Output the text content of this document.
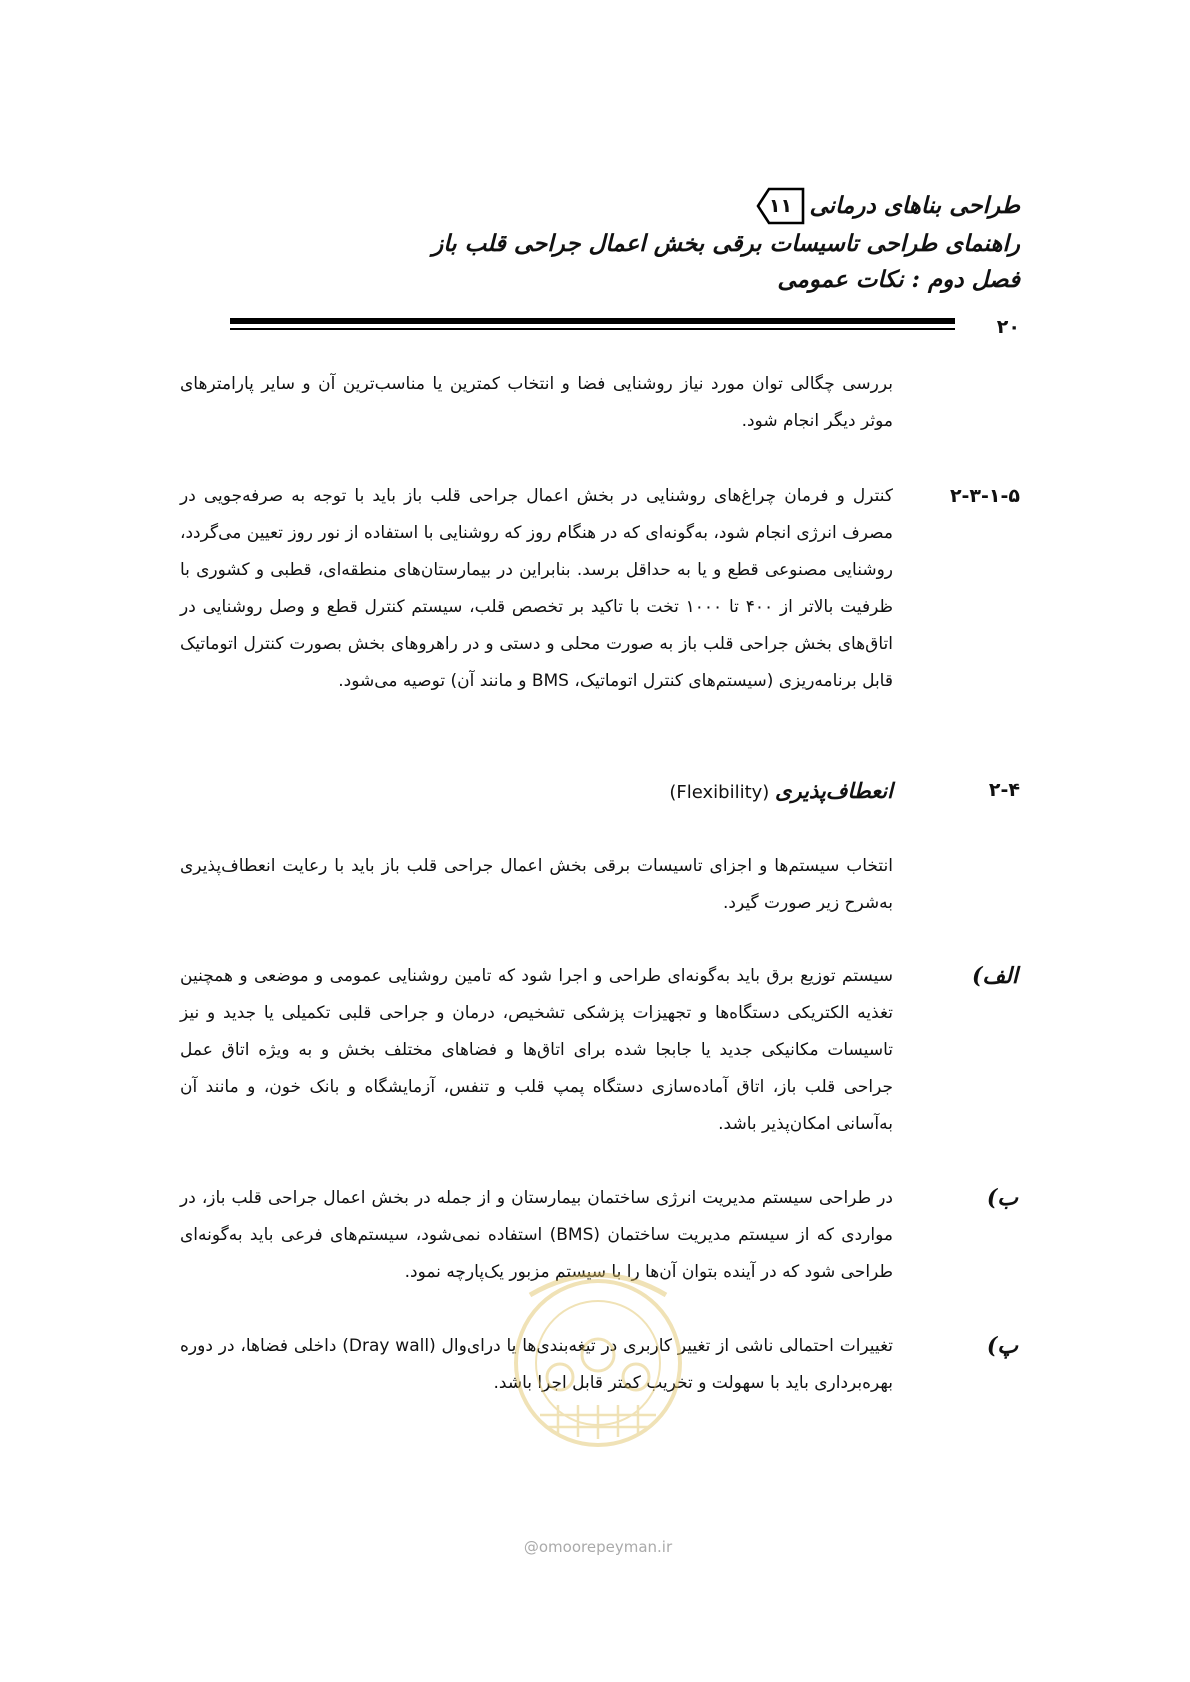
طراحی بناهای درمانی
۱۱
راهنمای طراحی تاسیسات برقی بخش اعمال جراحی قلب باز
فصل دوم : نکات عمومی
۲۰
بررسی چگالی توان مورد نیاز روشنایی فضا و انتخاب کمترین یا مناسب‌ترین آن و سایر پارامترهای موثر دیگر انجام شود.
۲-۳-۱-۵
کنترل و فرمان چراغ‌های روشنایی در بخش اعمال جراحی قلب باز باید با توجه به صرفه‌جویی در مصرف انرژی انجام شود، به‌گونه‌ای که در هنگام روز که روشنایی با استفاده از نور روز تعیین می‌گردد، روشنایی مصنوعی قطع و یا به حداقل برسد. بنابراین در بیمارستان‌های منطقه‌ای، قطبی و کشوری با ظرفیت بالاتر از ۴۰۰ تا ۱۰۰۰ تخت با تاکید بر تخصص قلب، سیستم کنترل قطع و وصل روشنایی در اتاق‌های بخش جراحی قلب باز به صورت محلی و دستی و در راهروهای بخش بصورت کنترل اتوماتیک قابل برنامه‌ریزی (سیستم‌های کنترل اتوماتیک، BMS و مانند آن) توصیه می‌شود.
۲-۴
انعطاف‌پذیری (Flexibility)
انتخاب سیستم‌ها و اجزای تاسیسات برقی بخش اعمال جراحی قلب باز باید با رعایت انعطاف‌پذیری به‌شرح زیر صورت گیرد.
الف)
سیستم توزیع برق باید به‌گونه‌ای طراحی و اجرا شود که تامین روشنایی عمومی و موضعی و همچنین تغذیه الکتریکی دستگاه‌ها و تجهیزات پزشکی تشخیص، درمان و جراحی قلبی تکمیلی یا جدید و نیز تاسیسات مکانیکی جدید یا جابجا شده برای اتاق‌ها و فضاهای مختلف بخش و به ویژه اتاق عمل جراحی قلب باز، اتاق آماده‌سازی دستگاه پمپ قلب و تنفس، آزمایشگاه و بانک خون، و مانند آن به‌آسانی امکان‌پذیر باشد.
ب)
در طراحی سیستم مدیریت انرژی ساختمان بیمارستان و از جمله در بخش اعمال جراحی قلب باز، در مواردی که از سیستم مدیریت ساختمان (BMS) استفاده نمی‌شود، سیستم‌های فرعی باید به‌گونه‌ای طراحی شود که در آینده بتوان آن‌ها را با سیستم مزبور یک‌پارچه نمود.
پ)
تغییرات احتمالی ناشی از تغییر کاربری در تیغه‌بندی‌ها یا درای‌وال (Dray wall) داخلی فضاها، در دوره بهره‌برداری باید با سهولت و تخریب کمتر قابل اجرا باشد.
@omoorepeyman.ir
